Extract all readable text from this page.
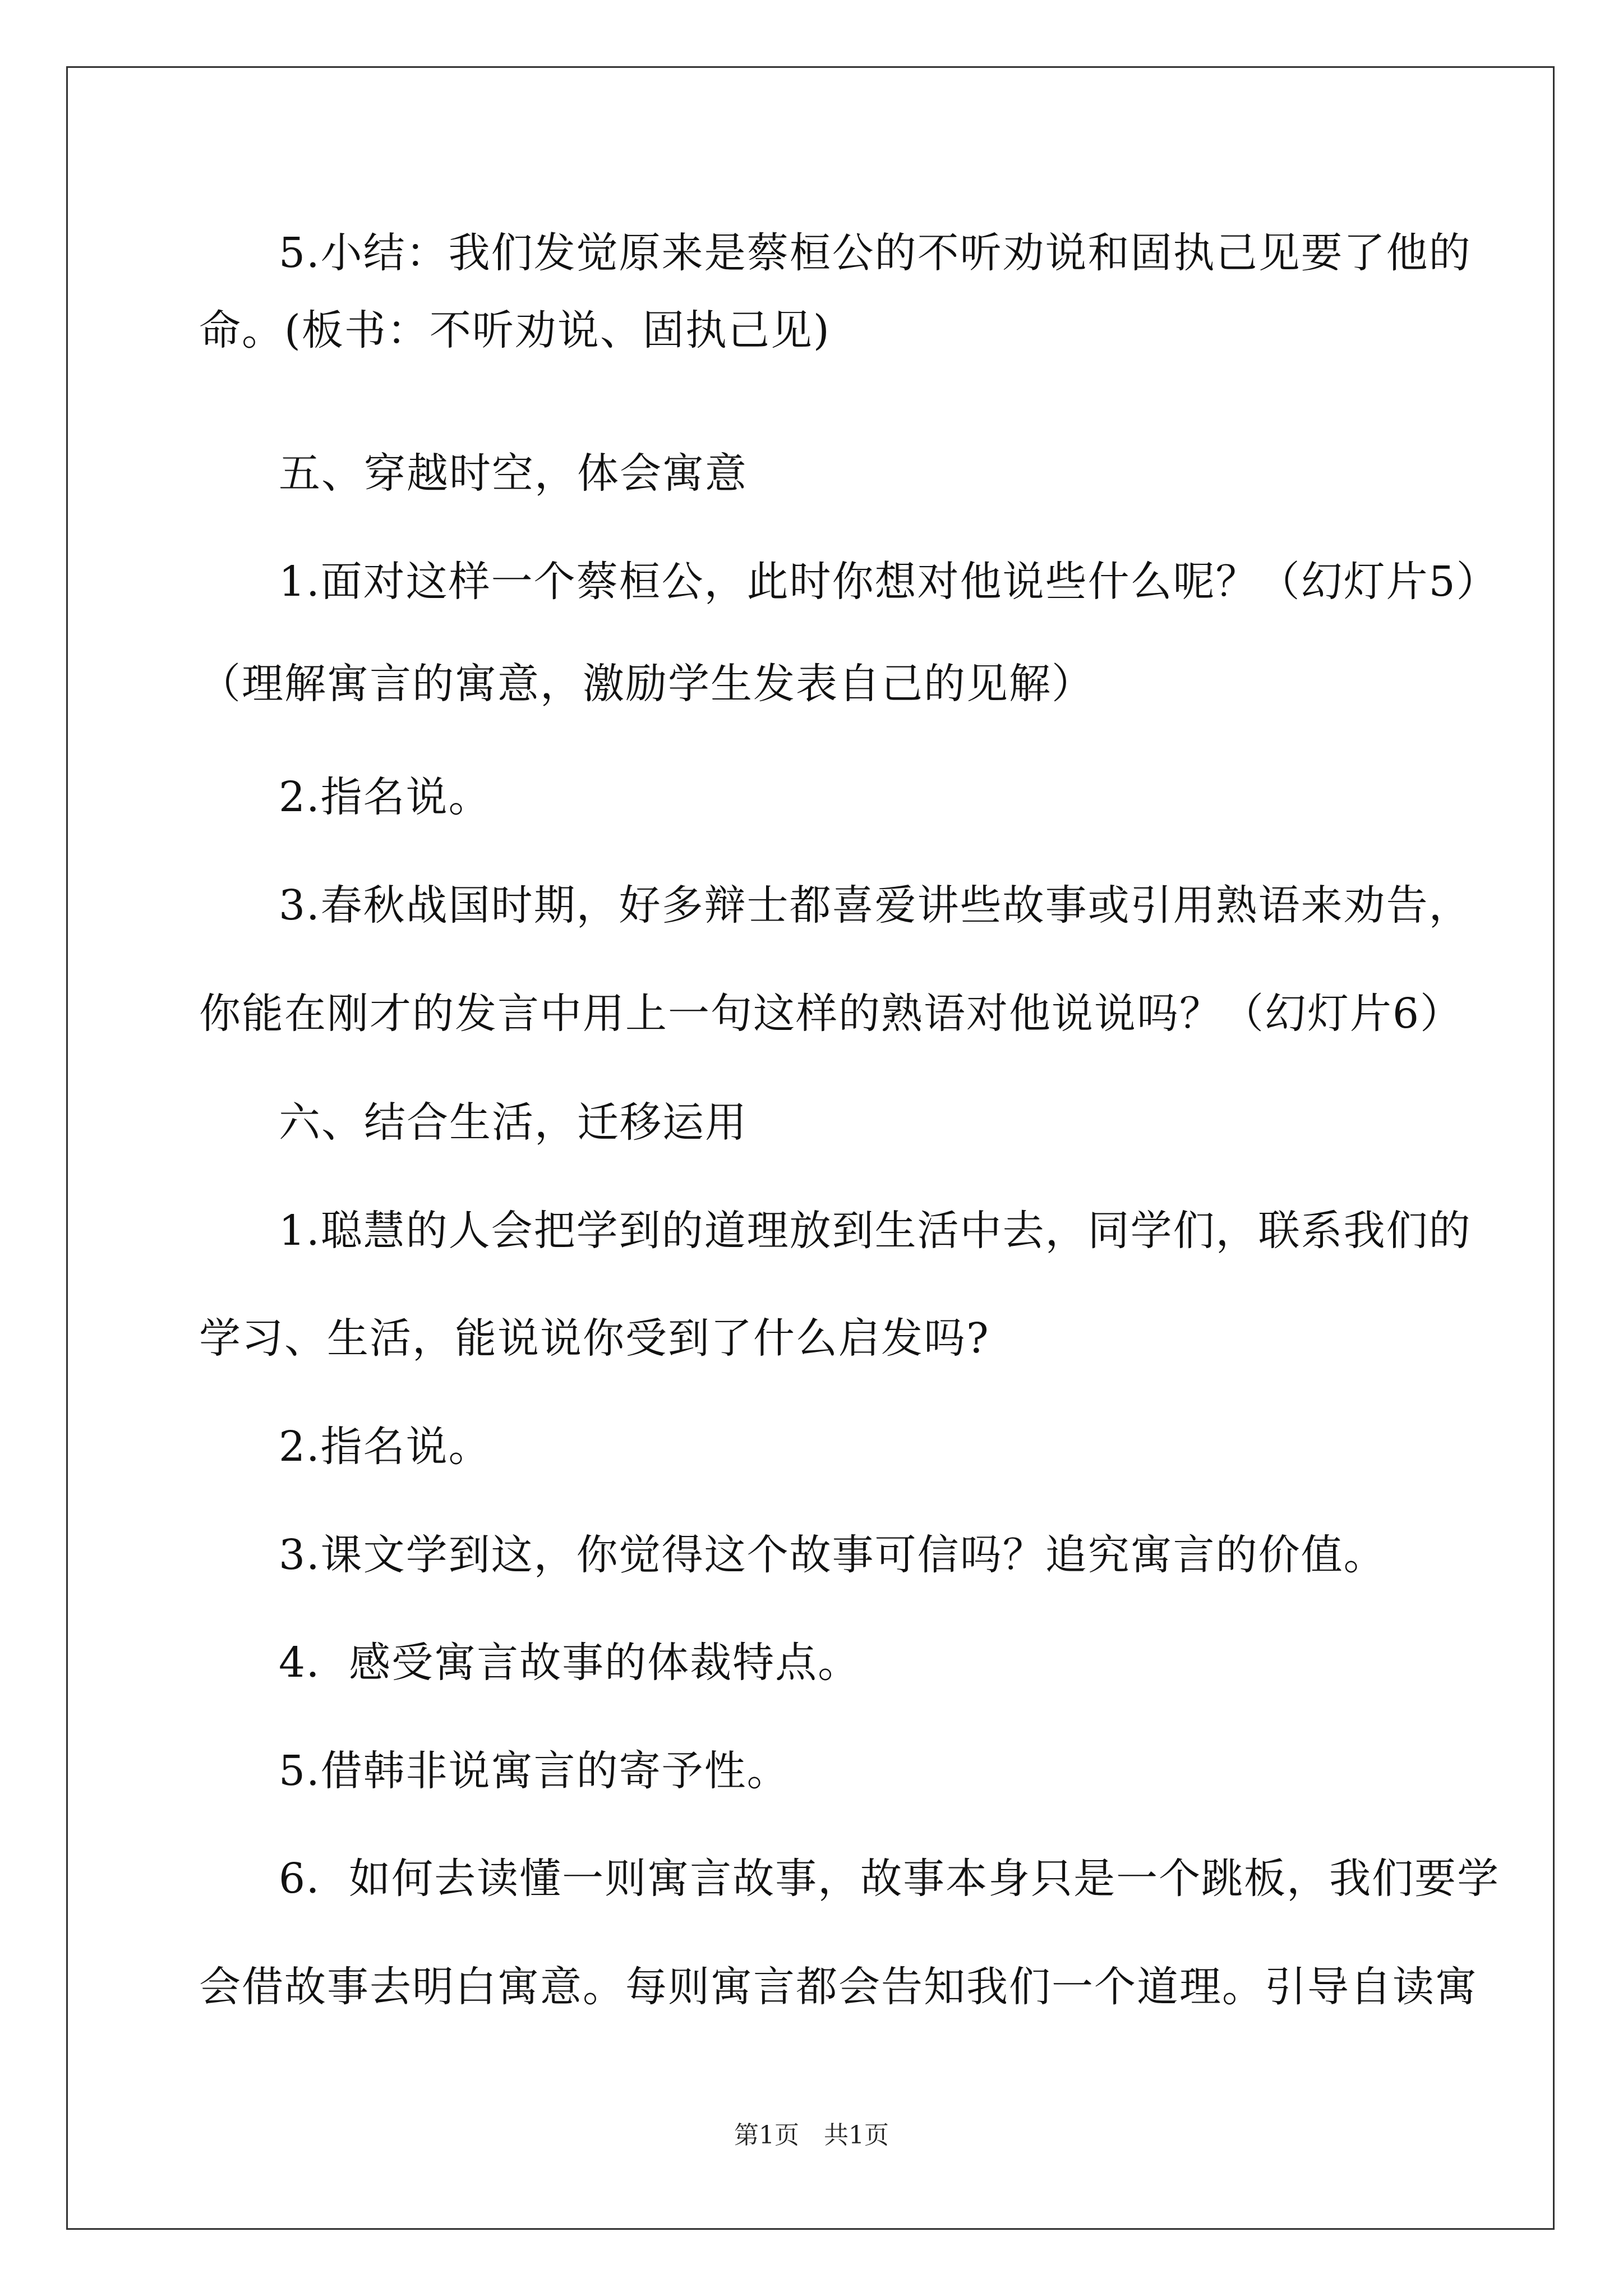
5.小结：我们发觉原来是蔡桓公的不听劝说和固执己见要了他的
命。(板书：不听劝说、固执己见)
五、穿越时空，体会寓意
1.面对这样一个蔡桓公，此时你想对他说些什么呢？（幻灯片5）
（理解寓言的寓意，激励学生发表自己的见解）
2.指名说。
3.春秋战国时期，好多辩士都喜爱讲些故事或引用熟语来劝告，
你能在刚才的发言中用上一句这样的熟语对他说说吗？（幻灯片6）
六、结合生活，迁移运用
1.聪慧的人会把学到的道理放到生活中去，同学们，联系我们的
学习、生活，能说说你受到了什么启发吗?
2.指名说。
3.课文学到这，你觉得这个故事可信吗？追究寓言的价值。
4．感受寓言故事的体裁特点。
5.借韩非说寓言的寄予性。
6．如何去读懂一则寓言故事，故事本身只是一个跳板，我们要学
会借故事去明白寓意。每则寓言都会告知我们一个道理。引导自读寓
第1页　共1页
